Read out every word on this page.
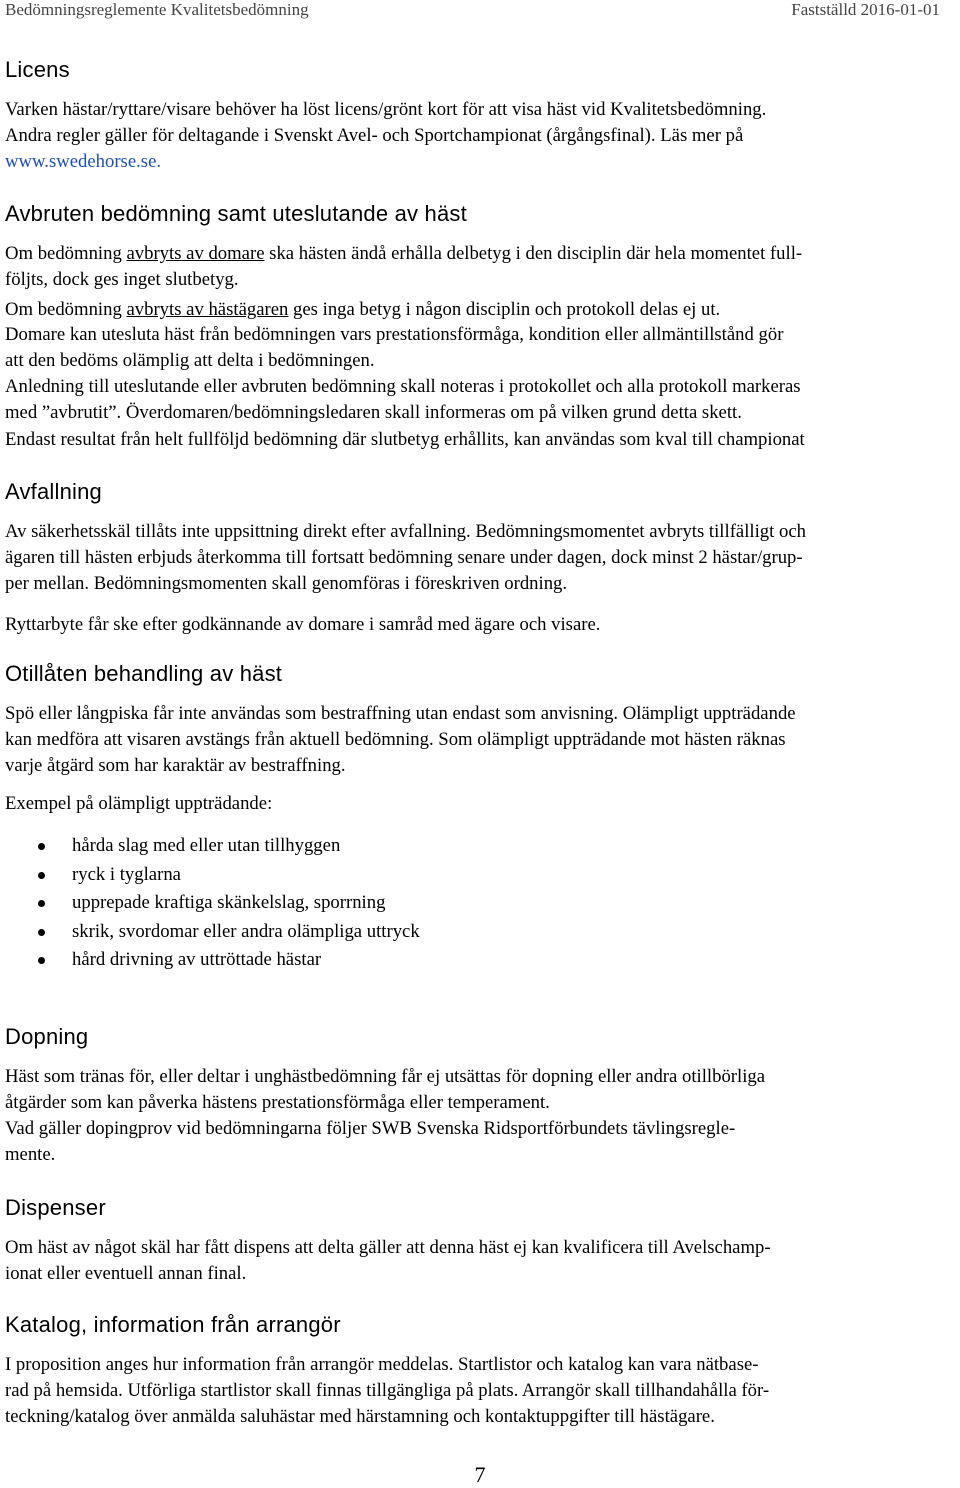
Bedömningsreglemente Kvalitetsbedömning	Fastställd 2016-01-01
Licens

Varken hästar/ryttare/visare behöver ha löst licens/grönt kort för att visa häst vid Kvalitetsbedömning.
Andra regler gäller för deltagande i Svenskt Avel- och Sportchampionat (årgångsfinal). Läs mer på
www.swedehorse.se.

Avbruten bedömning samt uteslutande av häst

Om bedömning avbryts av domare ska hästen ändå erhålla delbetyg i den disciplin där hela momentet full-
följts, dock ges inget slutbetyg.

Om bedömning avbryts av hästägaren ges inga betyg i någon disciplin och protokoll delas ej ut.

Domare kan utesluta häst från bedömningen vars prestationsförmåga, kondition eller allmäntillstånd gör
att den bedöms olämplig att delta i bedömningen.

Anledning till uteslutande eller avbruten bedömning skall noteras i protokollet och alla protokoll markeras
med ”avbrutit”. Överdomaren/bedömningsledaren skall informeras om på vilken grund detta skett.

Endast resultat från helt fullföljd bedömning där slutbetyg erhållits, kan användas som kval till championat

Avfallning

Av säkerhetsskäl tillåts inte uppsittning direkt efter avfallning. Bedömningsmomentet avbryts tillfälligt och
ägaren till hästen erbjuds återkomma till fortsatt bedömning senare under dagen, dock minst 2 hästar/grup-
per mellan. Bedömningsmomenten skall genomföras i föreskriven ordning.

Ryttarbyte får ske efter godkännande av domare i samråd med ägare och visare.

Otillåten behandling av häst

Spö eller långpiska får inte användas som bestraffning utan endast som anvisning. Olämpligt uppträdande
kan medföra att visaren avstängs från aktuell bedömning. Som olämpligt uppträdande mot hästen räknas
varje åtgärd som har karaktär av bestraffning.

Exempel på olämpligt uppträdande:

hårda slag med eller utan tillhyggen
ryck i tyglarna
upprepade kraftiga skänkelslag, sporrning
skrik, svordomar eller andra olämpliga uttryck
hård drivning av uttröttade hästar
Dopning

Häst som tränas för, eller deltar i unghästbedömning får ej utsättas för dopning eller andra otillbörliga
åtgärder som kan påverka hästens prestationsförmåga eller temperament.
Vad gäller dopingprov vid bedömningarna följer SWB Svenska Ridsportförbundets tävlingsregle-
mente.

Dispenser

Om häst av något skäl har fått dispens att delta gäller att denna häst ej kan kvalificera till Avelschamp-
ionat eller eventuell annan final.

Katalog, information från arrangör

I proposition anges hur information från arrangör meddelas. Startlistor och katalog kan vara nätbase-
rad på hemsida. Utförliga startlistor skall finnas tillgängliga på plats. Arrangör skall tillhandahålla för-
teckning/katalog över anmälda saluhästar med härstamning och kontaktuppgifter till hästägare.

7
